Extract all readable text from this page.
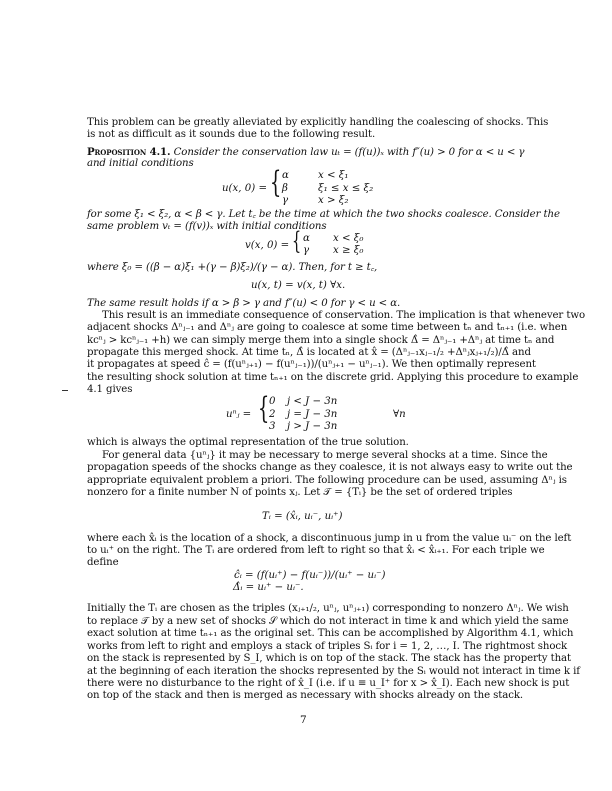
This problem can be greatly alleviated by explicitly handling the coalescing of shocks. This
is not as difficult as it sounds due to the following result.
Proposition 4.1. Consider the conservation law uₜ = (f(u))ₓ with f″(u) > 0 for α < u < γ
and initial conditions
u(x, 0) = { α	x < ξ₁
β	ξ₁ ≤ x ≤ ξ₂
γ	x > ξ₂
for some ξ₁ < ξ₂, α < β < γ. Let t꜀ be the time at which the two shocks coalesce. Consider the
same problem vₜ = (f(v))ₓ with initial conditions
v(x, 0) = { α x < ξ₀
γ x ≥ ξ₀
where ξ₀ = ((β − α)ξ₁ +(γ − β)ξ₂)/(γ − α). Then, for t ≥ t꜀,
u(x, t) = v(x, t) ∀x.
The same result holds if α > β > γ and f″(u) < 0 for γ < u < α.
This result is an immediate consequence of conservation. The implication is that whenever two
adjacent shocks Δⁿⱼ₋₁ and Δⁿⱼ are going to coalesce at some time between tₙ and tₙ₊₁ (i.e. when
kcⁿⱼ > kcⁿⱼ₋₁ +h) we can simply merge them into a single shock Δ̂ = Δⁿⱼ₋₁ +Δⁿⱼ at time tₙ and
propagate this merged shock. At time tₙ, Δ̂ is located at x̂ = (Δⁿⱼ₋₁xⱼ₋₁/₂ +Δⁿⱼxⱼ₊₁/₂)/Δ̂ and
it propagates at speed ĉ = (f(uⁿⱼ₊₁) − f(uⁿⱼ₋₁))/(uⁿⱼ₊₁ − uⁿⱼ₋₁). We then optimally represent
the resulting shock solution at time tₙ₊₁ on the discrete grid. Applying this procedure to example
4.1 gives
uⁿⱼ = { 0 j < J − 3n
2 j = J − 3n
3 j > J − 3n
∀n
which is always the optimal representation of the true solution.
For general data {uⁿⱼ} it may be necessary to merge several shocks at a time. Since the
propagation speeds of the shocks change as they coalesce, it is not always easy to write out the
appropriate equivalent problem a priori. The following procedure can be used, assuming Δⁿⱼ is
nonzero for a finite number N of points xⱼ. Let 𝒯 = {Tᵢ} be the set of ordered triples
Tᵢ = (x̂ᵢ, uᵢ⁻, uᵢ⁺)
where each x̂ᵢ is the location of a shock, a discontinuous jump in u from the value uᵢ⁻ on the left
to uᵢ⁺ on the right. The Tᵢ are ordered from left to right so that x̂ᵢ < x̂ᵢ₊₁. For each triple we
define
ĉᵢ = (f(uᵢ⁺) − f(uᵢ⁻))/(uᵢ⁺ − uᵢ⁻)
Δ̂ᵢ = uᵢ⁺ − uᵢ⁻.
Initially the Tᵢ are chosen as the triples (xⱼ₊₁/₂, uⁿⱼ, uⁿⱼ₊₁) corresponding to nonzero Δⁿⱼ. We wish
to replace 𝒯 by a new set of shocks 𝒮 which do not interact in time k and which yield the same
exact solution at time tₙ₊₁ as the original set. This can be accomplished by Algorithm 4.1, which
works from left to right and employs a stack of triples Sᵢ for i = 1, 2, …, I. The rightmost shock
on the stack is represented by S_I, which is on top of the stack. The stack has the property that
at the beginning of each iteration the shocks represented by the Sᵢ would not interact in time k if
there were no disturbance to the right of x̂_I (i.e. if u ≡ u_I⁺ for x > x̂_I). Each new shock is put
on top of the stack and then is merged as necessary with shocks already on the stack.
7
